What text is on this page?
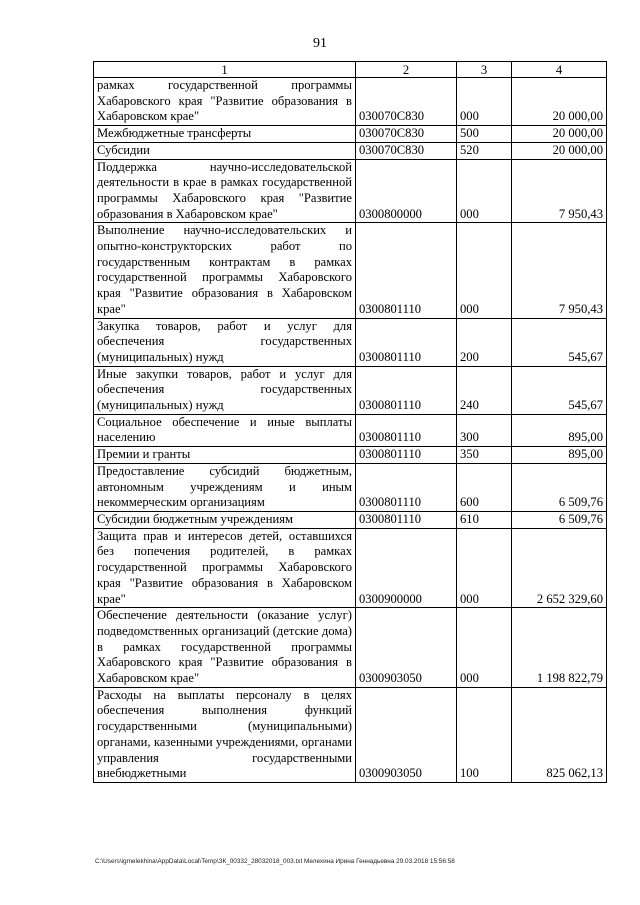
91
1	2	3	4
рамках государственной программы Хабаровского края "Развитие образования в Хабаровском крае"	030070С830	000	20 000,00
Межбюджетные трансферты	030070С830	500	20 000,00
Субсидии	030070С830	520	20 000,00
Поддержка научно-исследовательской деятельности в крае в рамках государственной программы Хабаровского края "Развитие образования в Хабаровском крае"	0300800000	000	7 950,43
Выполнение научно-исследовательских и опытно-конструкторских работ по государственным контрактам в рамках государственной программы Хабаровского края "Развитие образования в Хабаровском крае"	0300801110	000	7 950,43
Закупка товаров, работ и услуг для обеспечения государственных (муниципальных) нужд	0300801110	200	545,67
Иные закупки товаров, работ и услуг для обеспечения государственных (муниципальных) нужд	0300801110	240	545,67
Социальное обеспечение и иные выплаты населению	0300801110	300	895,00
Премии и гранты	0300801110	350	895,00
Предоставление субсидий бюджетным, автономным учреждениям и иным некоммерческим организациям	0300801110	600	6 509,76
Субсидии бюджетным учреждениям	0300801110	610	6 509,76
Защита прав и интересов детей, оставшихся без попечения родителей, в рамках государственной программы Хабаровского края "Развитие образования в Хабаровском крае"	0300900000	000	2 652 329,60
Обеспечение деятельности (оказание услуг) подведомственных организаций (детские дома) в рамках государственной программы Хабаровского края "Развитие образования в Хабаровском крае"	0300903050	000	1 198 822,79
Расходы на выплаты персоналу в целях обеспечения выполнения функций государственными (муниципальными) органами, казенными учреждениями, органами управления государственными внебюджетными	0300903050	100	825 062,13
C:\Users\igmelekhina\AppData\Local\Temp\ЗК_00332_28032018_003.txt Мелехина Ирина Геннадьевна 29.03.2018 15:56:58
